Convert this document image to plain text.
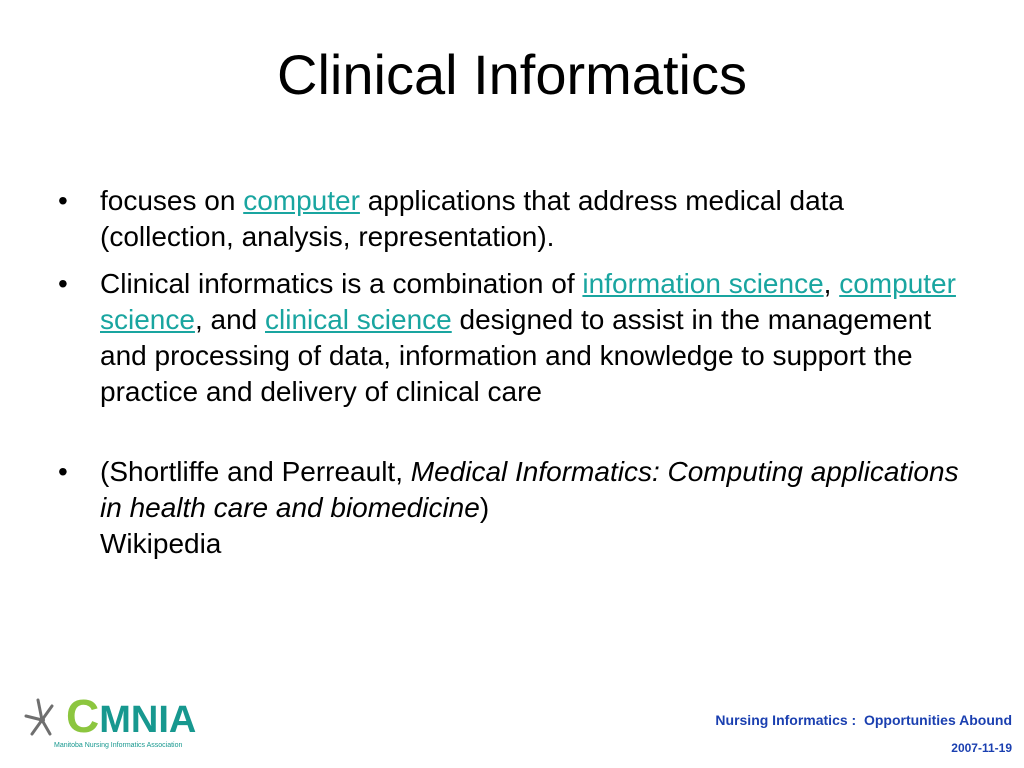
Clinical Informatics
•	focuses on computer applications that address medical data (collection, analysis, representation).
•	Clinical informatics is a combination of information science, computer science, and clinical science designed to assist in the management and processing of data, information and knowledge to support the practice and delivery of clinical care
•	(Shortliffe and Perreault, Medical Informatics: Computing applications in health care and biomedicine)
Wikipedia
CMNIA
Manitoba Nursing Informatics Association
Nursing Informatics :  Opportunities Abound
2007-11-19
